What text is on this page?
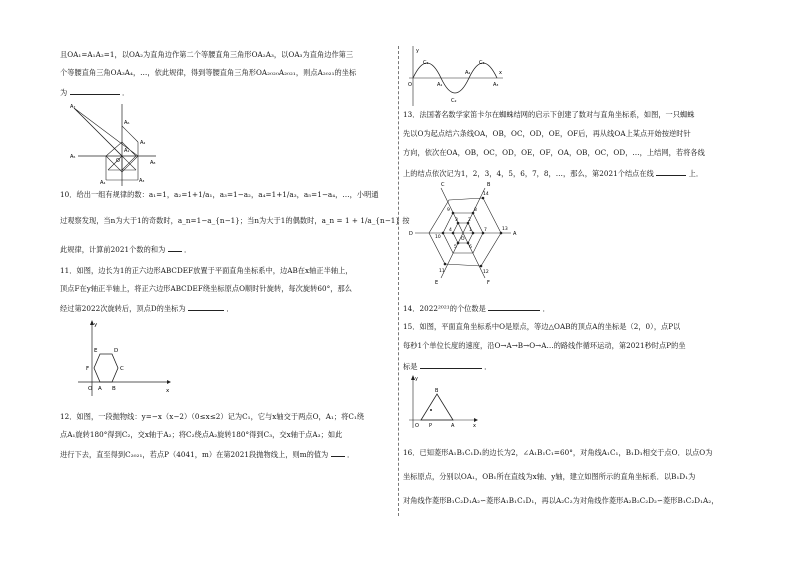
且OA₁=A₁A₂=1，以OA₂为直角边作第二个等腰直角三角形OA₂A₃，以OA₃为直角边作第三
个等腰直角三角OA₃A₄，…，依此规律，得到等腰直角三角形OA₂₀₂₀A₂₀₂₁，则点A₂₀₂₁的坐标
为	．
A₇
A₁
A₂
A₃
A₄
A₅
A₆
A₈
O
10．给出一组有规律的数：a₁=1，a₂=1+1/a₁，a₃=1−a₂，a₄=1+1/a₃，a₅=1−a₄，…，小明通
过观察发现，当n为大于1的奇数时，a_n=1−a_{n−1}；当n为大于1的偶数时，a_n = 1 + 1/a_{n−1} 按
此规律，计算前2021个数的和为	．
11．如图，边长为1的正六边形ABCDEF放置于平面直角坐标系中，边AB在x轴正半轴上，
顶点F在y轴正半轴上，将正六边形ABCDEF绕坐标原点O顺时针旋转，每次旋转60°，那么
经过第2022次旋转后，顶点D的坐标为	．
y
x
O A B
C
D
E
F
12．如图，一段抛物线：y=−x（x−2）（0≤x≤2）记为C₁，它与x轴交于两点O，A₁；将C₁绕
点A₁旋转180°得到C₂，交x轴于A₂；将C₂绕点A₂旋转180°得到C₃，交x轴于点A₃；如此
进行下去，直至得到C₂₀₂₁，若点P（4041，m）在第2021段抛物线上，则m的值为	．
y
C₁
C₂
C₃
A₁
A₂
A₃
O
x
13．法国著名数学家笛卡尔在蜘蛛结网的启示下创建了数对与直角坐标系，如图，一只蜘蛛
先以O为起点结六条线OA，OB，OC，OD，OE，OF后，再从线OA上某点开始按逆时针
方向，依次在OA，OB，OC，OD，OE，OF，OA，OB，OC，OD，…，上结网，若将各线
上的结点依次记为1，2，3，4，5，6，7，8，…，那么，第2021个结点在线	上．
C	B
A
D
E	F
O
1
2
3
4
5	6
7
8
9
10
11	12
13
14
14．2022²⁰²¹的个位数是	．
15．如图，平面直角坐标系中O是原点，等边△OAB的顶点A的坐标是（2，0），点P以
每秒1个单位长度的速度，沿O→A→B→O→A…的路线作循环运动，第2021秒时点P的坐
标是	．
y
B
O P	A	x
16．已知菱形A₁B₁C₁D₁的边长为2，∠A₁B₁C₁=60°，对角线A₁C₁，B₁D₁相交于点O．以点O为
坐标原点，分别以OA₁，OB₁所在直线为x轴、y轴，建立如图所示的直角坐标系．以B₁D₁为
对角线作菱形B₁C₂D₁A₂∽菱形A₁B₁C₁D₁，再以A₂C₂为对角线作菱形A₂B₂C₂D₂∽菱形B₁C₂D₁A₂，
